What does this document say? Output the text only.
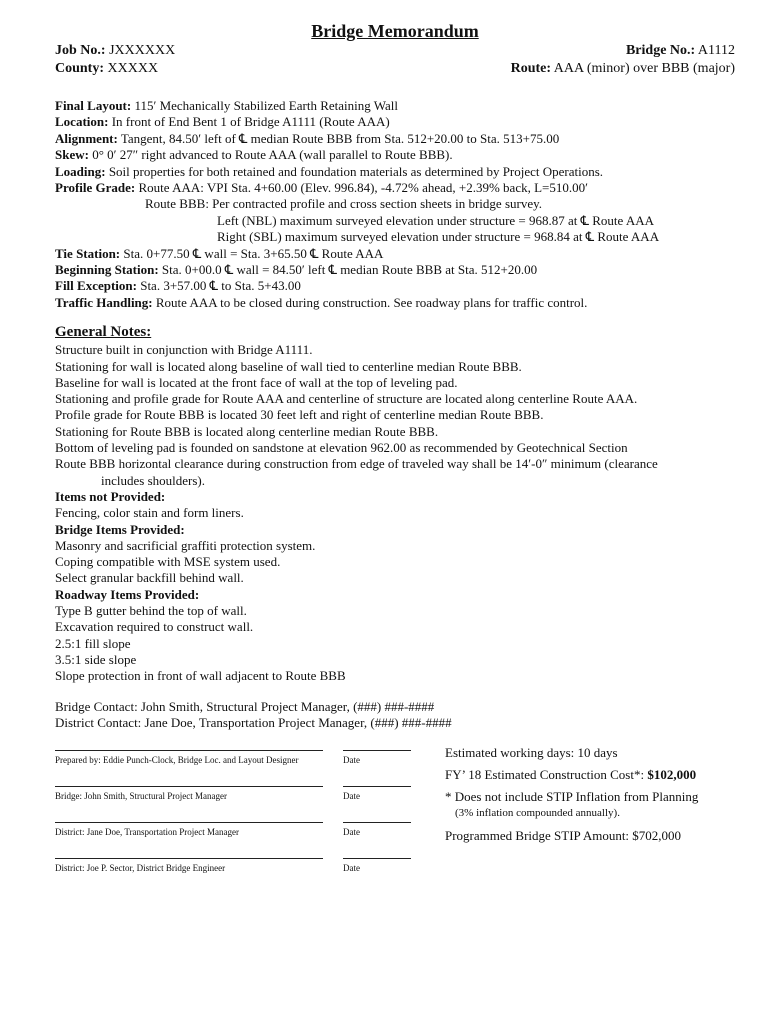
Bridge Memorandum
Job No.: JXXXXXX
County: XXXXX
Bridge No.: A1112
Route: AAA (minor) over BBB (major)
Final Layout: 115′ Mechanically Stabilized Earth Retaining Wall
Location: In front of End Bent 1 of Bridge A1111 (Route AAA)
Alignment: Tangent, 84.50′ left of ℄ median Route BBB from Sta. 512+20.00 to Sta. 513+75.00
Skew: 0° 0′ 27″ right advanced to Route AAA (wall parallel to Route BBB).
Loading: Soil properties for both retained and foundation materials as determined by Project Operations.
Profile Grade: Route AAA: VPI Sta. 4+60.00 (Elev. 996.84), -4.72% ahead, +2.39% back, L=510.00′
Route BBB: Per contracted profile and cross section sheets in bridge survey.
Left (NBL) maximum surveyed elevation under structure = 968.87 at ℄ Route AAA
Right (SBL) maximum surveyed elevation under structure = 968.84 at ℄ Route AAA
Tie Station: Sta. 0+77.50 ℄ wall = Sta. 3+65.50 ℄ Route AAA
Beginning Station: Sta. 0+00.0 ℄ wall = 84.50′ left ℄ median Route BBB at Sta. 512+20.00
Fill Exception: Sta. 3+57.00 ℄ to Sta. 5+43.00
Traffic Handling: Route AAA to be closed during construction. See roadway plans for traffic control.
General Notes:
Structure built in conjunction with Bridge A1111.
Stationing for wall is located along baseline of wall tied to centerline median Route BBB.
Baseline for wall is located at the front face of wall at the top of leveling pad.
Stationing and profile grade for Route AAA and centerline of structure are located along centerline Route AAA.
Profile grade for Route BBB is located 30 feet left and right of centerline median Route BBB.
Stationing for Route BBB is located along centerline median Route BBB.
Bottom of leveling pad is founded on sandstone at elevation 962.00 as recommended by Geotechnical Section
Route BBB horizontal clearance during construction from edge of traveled way shall be 14′-0″ minimum (clearance
includes shoulders).
Items not Provided:
Fencing, color stain and form liners.
Bridge Items Provided:
Masonry and sacrificial graffiti protection system.
Coping compatible with MSE system used.
Select granular backfill behind wall.
Roadway Items Provided:
Type B gutter behind the top of wall.
Excavation required to construct wall.
2.5:1 fill slope
3.5:1 side slope
Slope protection in front of wall adjacent to Route BBB
Bridge Contact: John Smith, Structural Project Manager, (###) ###-####
District Contact: Jane Doe, Transportation Project Manager, (###) ###-####
Prepared by: Eddie Punch-Clock, Bridge Loc. and Layout Designer	Date
Bridge: John Smith, Structural Project Manager	Date
District: Jane Doe, Transportation Project Manager	Date
District: Joe P. Sector, District Bridge Engineer	Date
Estimated working days: 10 days
FY’ 18 Estimated Construction Cost*: $102,000
* Does not include STIP Inflation from Planning
(3% inflation compounded annually).
Programmed Bridge STIP Amount: $702,000
